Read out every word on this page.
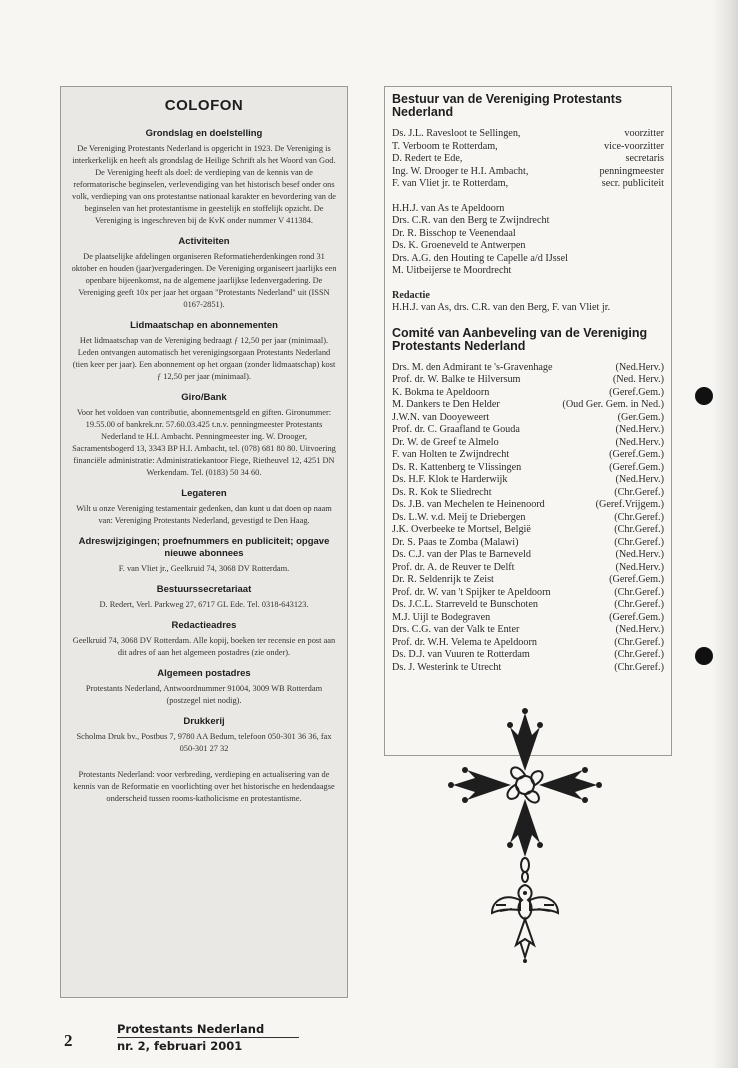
COLOFON
Grondslag en doelstelling

De Vereniging Protestants Nederland is opgericht in 1923. De Vereniging is interkerkelijk en heeft als grondslag de Heilige Schrift als het Woord van God. De Vereniging heeft als doel: de verdieping van de kennis van de reformatorische beginselen, verlevendiging van het historisch besef onder ons volk, verdieping van ons protestantse nationaal karakter en bevordering van de beginselen van het protestantisme in geestelijk en stoffelijk opzicht. De Vereniging is ingeschreven bij de KvK onder nummer V 411384.

Activiteiten

De plaatselijke afdelingen organiseren Reformatieherdenkingen rond 31 oktober en houden (jaar)vergaderingen. De Vereniging organiseert jaarlijks een openbare bijeenkomst, na de algemene jaarlijkse ledenvergadering. De Vereniging geeft 10x per jaar het orgaan "Protestants Nederland" uit (ISSN 0167-2851).

Lidmaatschap en abonnementen

Het lidmaatschap van de Vereniging bedraagt ƒ 12,50 per jaar (minimaal). Leden ontvangen automatisch het verenigingsorgaan Protestants Nederland (tien keer per jaar). Een abonnement op het orgaan (zonder lidmaatschap) kost ƒ 12,50 per jaar (minimaal).

Giro/Bank

Voor het voldoen van contributie, abonnementsgeld en giften. Gironummer: 19.55.00 of bankrek.nr. 57.60.03.425 t.n.v. penningmeester Protestants Nederland te H.I. Ambacht. Penningmeester ing. W. Drooger, Sacramentsbogerd 13, 3343 BP H.I. Ambacht, tel. (078) 681 80 80. Uitvoering financiële administratie: Administratiekantoor Fiege, Rietheuvel 12, 4251 DN Werkendam. Tel. (0183) 50 34 60.

Legateren

Wilt u onze Vereniging testamentair gedenken, dan kunt u dat doen op naam van: Vereniging Protestants Nederland, gevestigd te Den Haag.

Adreswijzigingen; proefnummers en publiciteit; opgave nieuwe abonnees

F. van Vliet jr., Geelkruid 74, 3068 DV Rotterdam.

Bestuurssecretariaat

D. Redert, Verl. Parkweg 27, 6717 GL Ede. Tel. 0318-643123.

Redactieadres

Geelkruid 74, 3068 DV Rotterdam. Alle kopij, boeken ter recensie en post aan dit adres of aan het algemeen postadres (zie onder).

Algemeen postadres

Protestants Nederland, Antwoordnummer 91004, 3009 WB Rotterdam (postzegel niet nodig).

Drukkerij

Scholma Druk bv., Postbus 7, 9780 AA Bedum, telefoon 050-301 36 36, fax 050-301 27 32

Protestants Nederland: voor verbreding, verdieping en actualisering van de kennis van de Reformatie en voorlichting over het historische en hedendaagse onderscheid tussen rooms-katholicisme en protestantisme.

Bestuur van de Vereniging Protestants Nederland
Ds. J.L. Ravesloot te Sellingen,	voorzitter
T. Verboom te Rotterdam,	vice-voorzitter
D. Redert te Ede,	secretaris
Ing. W. Drooger te H.I. Ambacht,	penningmeester
F. van Vliet jr. te Rotterdam,	secr. publiciteit
H.H.J. van As te Apeldoorn
Drs. C.R. van den Berg te Zwijndrecht
Dr. R. Bisschop te Veenendaal
Ds. K. Groeneveld te Antwerpen
Drs. A.G. den Houting te Capelle a/d IJssel
M. Uitbeijerse te Moordrecht
Redactie
H.H.J. van As, drs. C.R. van den Berg, F. van Vliet jr.
Comité van Aanbeveling van de Vereniging Protestants Nederland
Drs. M. den Admirant te 's-Gravenhage	(Ned.Herv.)
Prof. dr. W. Balke te Hilversum	(Ned. Herv.)
K. Bokma te Apeldoorn	(Geref.Gem.)
M. Dankers te Den Helder	(Oud Ger. Gem. in Ned.)
J.W.N. van Dooyeweert	(Ger.Gem.)
Prof. dr. C. Graafland te Gouda	(Ned.Herv.)
Dr. W. de Greef te Almelo	(Ned.Herv.)
F. van Holten te Zwijndrecht	(Geref.Gem.)
Ds. R. Kattenberg te Vlissingen	(Geref.Gem.)
Ds. H.F. Klok te Harderwijk	(Ned.Herv.)
Ds. R. Kok te Sliedrecht	(Chr.Geref.)
Ds. J.B. van Mechelen te Heinenoord	(Geref.Vrijgem.)
Ds. L.W. v.d. Meij te Driebergen	(Chr.Geref.)
J.K. Overbeeke te Mortsel, België	(Chr.Geref.)
Dr. S. Paas te Zomba (Malawi)	(Chr.Geref.)
Ds. C.J. van der Plas te Barneveld	(Ned.Herv.)
Prof. dr. A. de Reuver te Delft	(Ned.Herv.)
Dr. R. Seldenrijk te Zeist	(Geref.Gem.)
Prof. dr. W. van 't Spijker te Apeldoorn	(Chr.Geref.)
Ds. J.C.L. Starreveld te Bunschoten	(Chr.Geref.)
M.J. Uijl te Bodegraven	(Geref.Gem.)
Drs. C.G. van der Valk te Enter	(Ned.Herv.)
Prof. dr. W.H. Velema te Apeldoorn	(Chr.Geref.)
Ds. D.J. van Vuuren te Rotterdam	(Chr.Geref.)
Ds. J. Westerink te Utrecht	(Chr.Geref.)
2
Protestants Nederland
nr. 2, februari 2001
